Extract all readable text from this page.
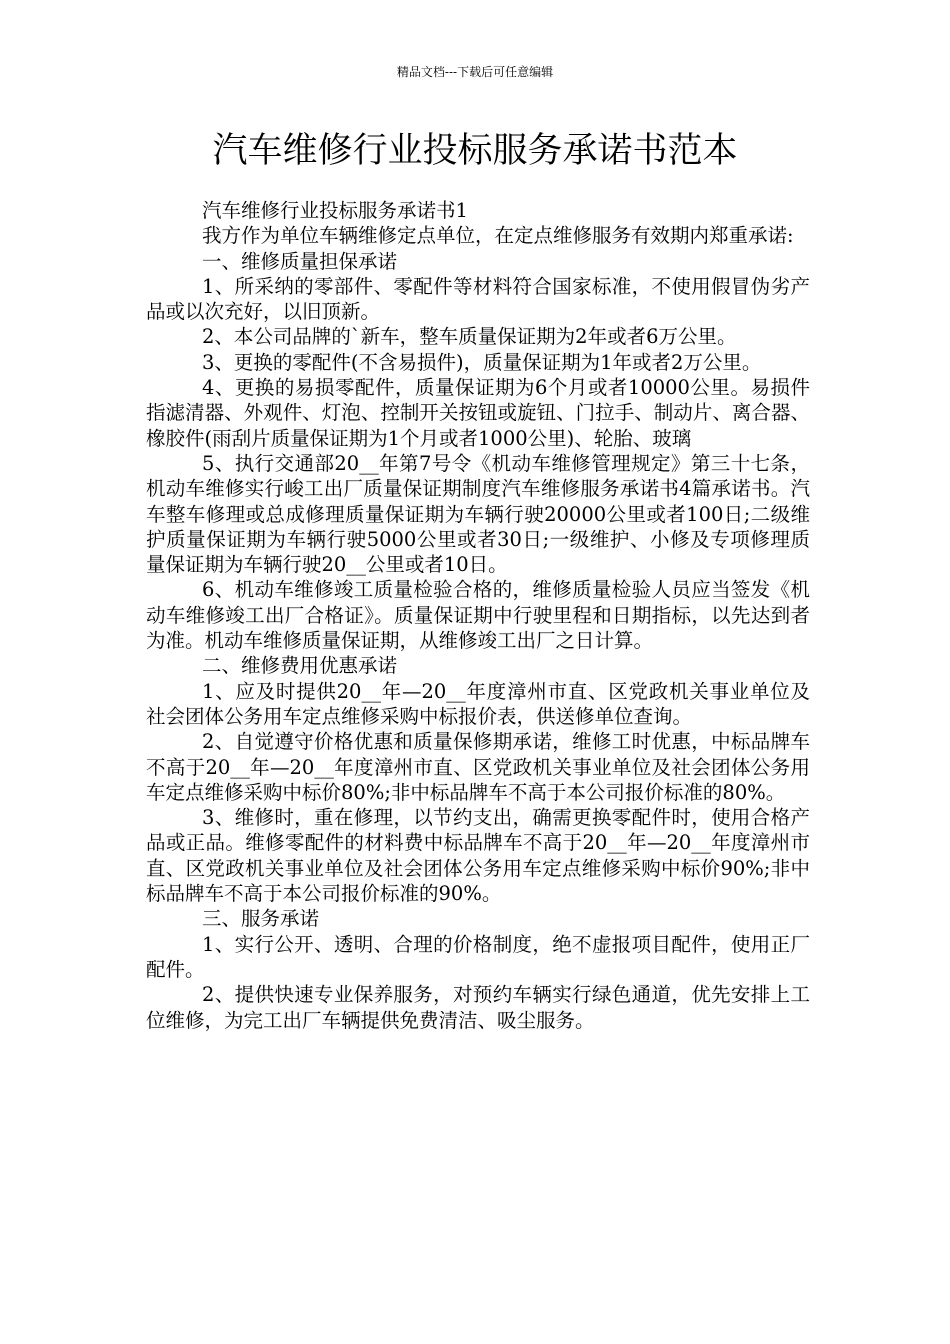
精品文档---下载后可任意编辑
汽车维修行业投标服务承诺书范本

汽车维修行业投标服务承诺书1

我方作为单位车辆维修定点单位，在定点维修服务有效期内郑重承诺:

一、维修质量担保承诺

1、所采纳的零部件、零配件等材料符合国家标准，不使用假冒伪劣产品或以次充好，以旧顶新。

2、本公司品牌的`新车，整车质量保证期为2年或者6万公里。

3、更换的零配件(不含易损件)，质量保证期为1年或者2万公里。

4、更换的易损零配件，质量保证期为6个月或者10000公里。易损件指滤清器、外观件、灯泡、控制开关按钮或旋钮、门拉手、制动片、离合器、橡胶件(雨刮片质量保证期为1个月或者1000公里)、轮胎、玻璃

5、执行交通部20__年第7号令《机动车维修管理规定》第三十七条，机动车维修实行峻工出厂质量保证期制度汽车维修服务承诺书4篇承诺书。汽车整车修理或总成修理质量保证期为车辆行驶20000公里或者100日;二级维护质量保证期为车辆行驶5000公里或者30日;一级维护、小修及专项修理质量保证期为车辆行驶20__公里或者10日。

6、机动车维修竣工质量检验合格的，维修质量检验人员应当签发《机动车维修竣工出厂合格证》。质量保证期中行驶里程和日期指标，以先达到者为准。机动车维修质量保证期，从维修竣工出厂之日计算。

二、维修费用优惠承诺

1、应及时提供20__年—20__年度漳州市直、区党政机关事业单位及社会团体公务用车定点维修采购中标报价表，供送修单位查询。

2、自觉遵守价格优惠和质量保修期承诺，维修工时优惠，中标品牌车不高于20__年—20__年度漳州市直、区党政机关事业单位及社会团体公务用车定点维修采购中标价80%;非中标品牌车不高于本公司报价标准的80%。

3、维修时，重在修理，以节约支出，确需更换零配件时，使用合格产品或正品。维修零配件的材料费中标品牌车不高于20__年—20__年度漳州市直、区党政机关事业单位及社会团体公务用车定点维修采购中标价90%;非中标品牌车不高于本公司报价标准的90%。

三、服务承诺

1、实行公开、透明、合理的价格制度，绝不虚报项目配件，使用正厂配件。

2、提供快速专业保养服务，对预约车辆实行绿色通道，优先安排上工位维修，为完工出厂车辆提供免费清洁、吸尘服务。
